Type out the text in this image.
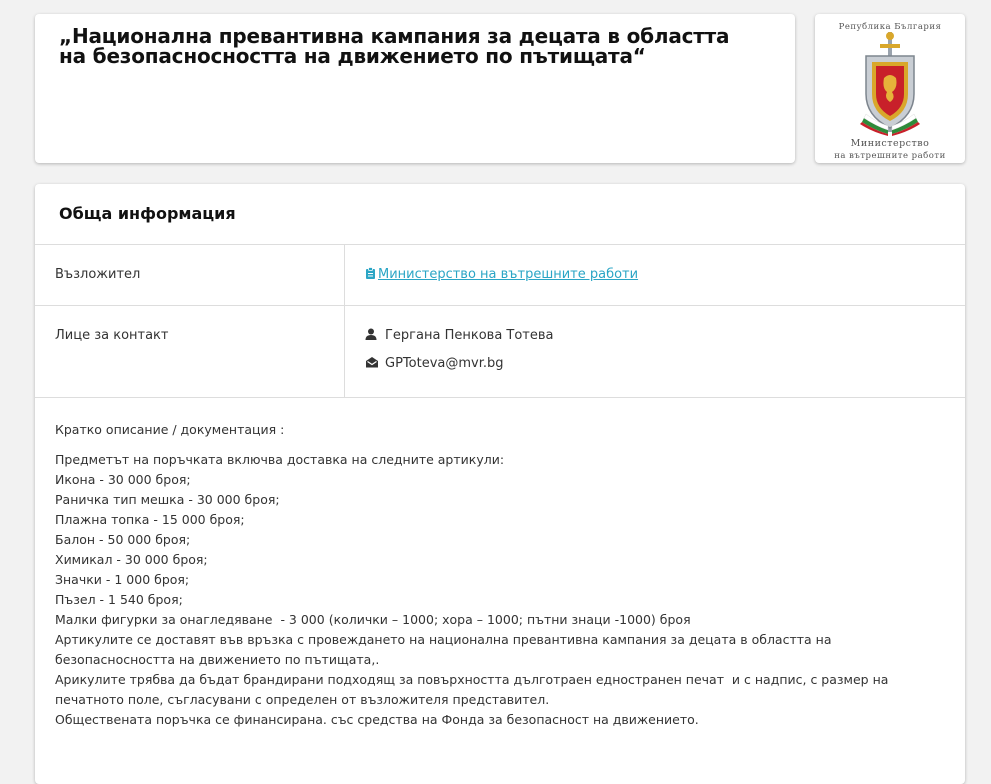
„Национална превантивна кампания за децата в областта на безопасносността на движението по пътищата“
Република България
Министерство
на вътрешните работи
Обща информация
Възложител	Министерство на вътрешните работи
Лице за контакт	Гергана Пенкова Тотева
GPToteva@mvr.bg
Кратко описание / документация :
Предметът на поръчката включва доставка на следните артикули:
Икона - 30 000 броя;
Раничка тип мешка - 30 000 броя;
Плажна топка - 15 000 броя;
Балон - 50 000 броя;
Химикал - 30 000 броя;
Значки - 1 000 броя;
Пъзел - 1 540 броя;
Малки фигурки за онагледяване  - 3 000 (колички – 1000; хора – 1000; пътни знаци -1000) броя
Артикулите се доставят във връзка с провеждането на национална превантивна кампания за децата в областта на
безопасносността на движението по пътищата,.
Арикулите трябва да бъдат брандирани подходящ за повърхността дълготраен едностранен печат  и с надпис, с размер на
печатното поле, съгласувани с определен от възложителя представител.
Обществената поръчка се финансирана. със средства на Фонда за безопасност на движението.
